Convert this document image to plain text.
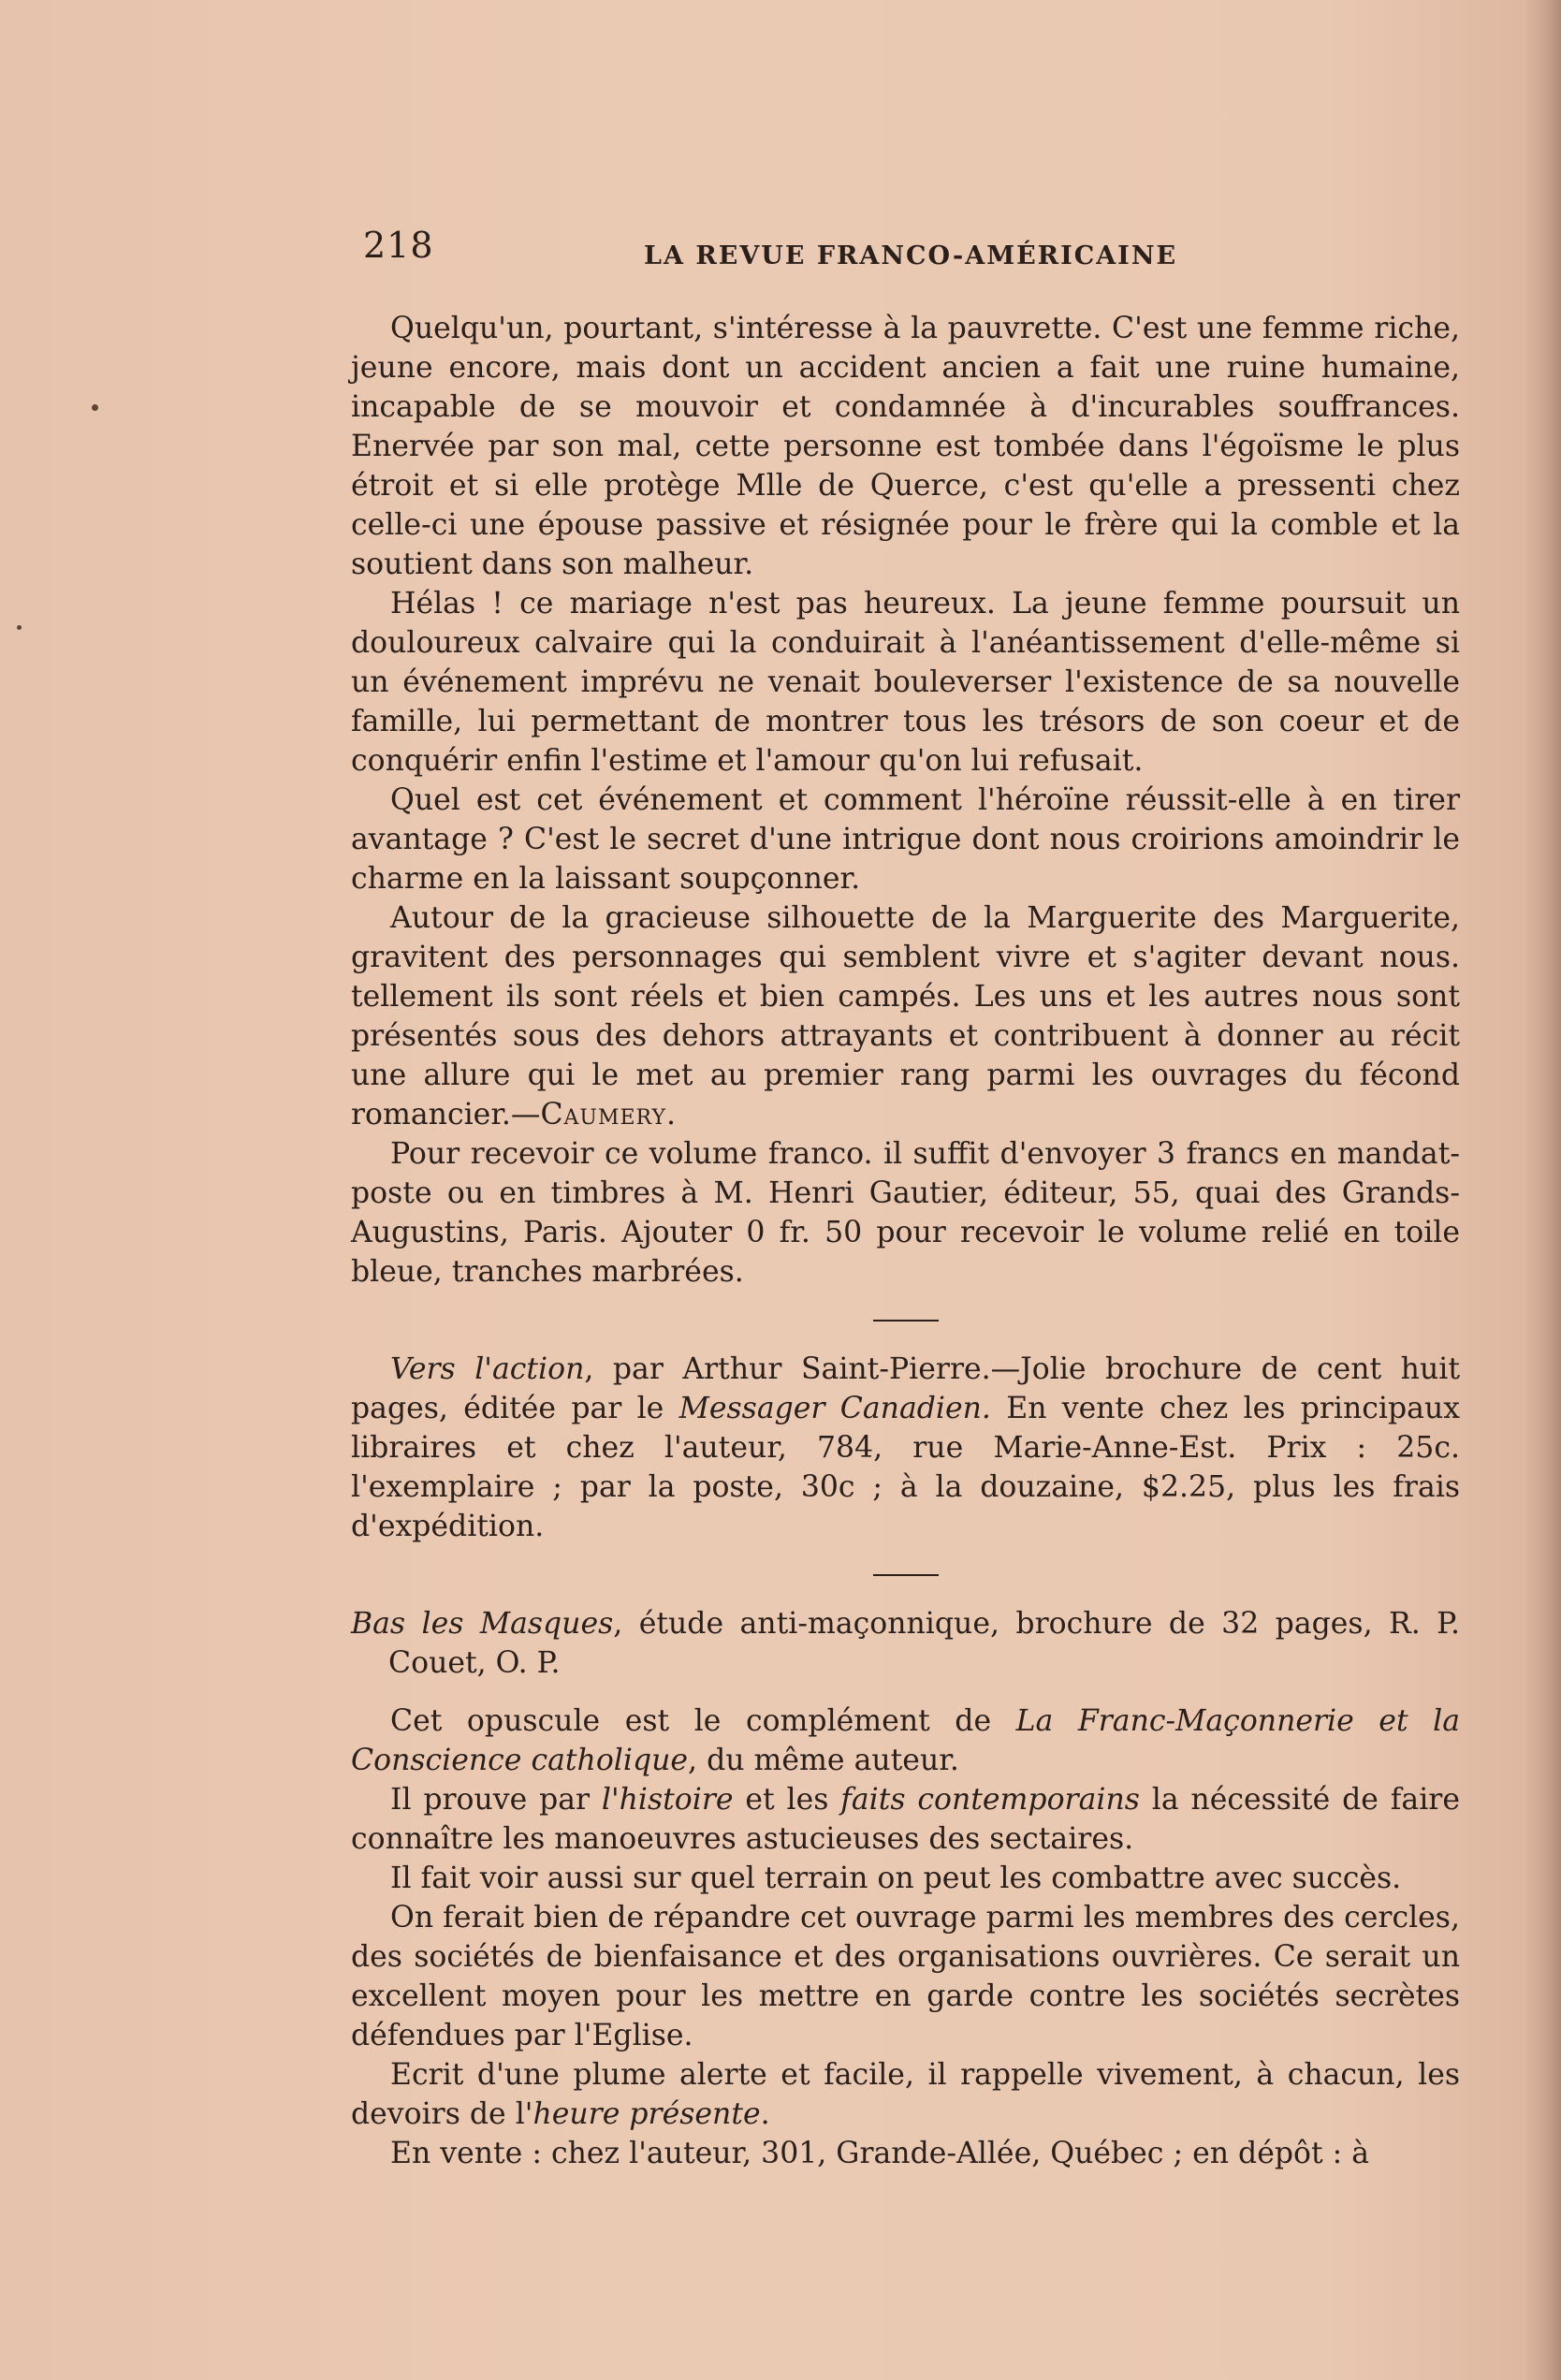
218	LA REVUE FRANCO-AMÉRICAINE

Quelqu'un, pourtant, s'intéresse à la pauvrette. C'est une femme riche, jeune encore, mais dont un accident ancien a fait une ruine humaine, incapable de se mouvoir et condamnée à d'incurables souffrances. Enervée par son mal, cette personne est tombée dans l'égoïsme le plus étroit et si elle protège Mlle de Querce, c'est qu'elle a pressenti chez celle-ci une épouse passive et résignée pour le frère qui la comble et la soutient dans son malheur.

Hélas ! ce mariage n'est pas heureux. La jeune femme poursuit un douloureux calvaire qui la conduirait à l'anéantissement d'elle-même si un événement imprévu ne venait bouleverser l'existence de sa nouvelle famille, lui permettant de montrer tous les trésors de son coeur et de conquérir enfin l'estime et l'amour qu'on lui refusait.

Quel est cet événement et comment l'héroïne réussit-elle à en tirer avantage ? C'est le secret d'une intrigue dont nous croirions amoindrir le charme en la laissant soupçonner.

Autour de la gracieuse silhouette de la Marguerite des Marguerite, gravitent des personnages qui semblent vivre et s'agiter devant nous. tellement ils sont réels et bien campés. Les uns et les autres nous sont présentés sous des dehors attrayants et contribuent à donner au récit une allure qui le met au premier rang parmi les ouvrages du fécond romancier.—Caumery.

Pour recevoir ce volume franco. il suffit d'envoyer 3 francs en mandat-poste ou en timbres à M. Henri Gautier, éditeur, 55, quai des Grands-Augustins, Paris. Ajouter 0 fr. 50 pour recevoir le volume relié en toile bleue, tranches marbrées.

Vers l'action, par Arthur Saint-Pierre.—Jolie brochure de cent huit pages, éditée par le Messager Canadien. En vente chez les principaux libraires et chez l'auteur, 784, rue Marie-Anne-Est. Prix : 25c. l'exemplaire ; par la poste, 30c ; à la douzaine, $2.25, plus les frais d'expédition.

Bas les Masques, étude anti-maçonnique, brochure de 32 pages, R. P. Couet, O. P.

Cet opuscule est le complément de La Franc-Maçonnerie et la Conscience catholique, du même auteur.

Il prouve par l'histoire et les faits contemporains la nécessité de faire connaître les manoeuvres astucieuses des sectaires.

Il fait voir aussi sur quel terrain on peut les combattre avec succès.

On ferait bien de répandre cet ouvrage parmi les membres des cercles, des sociétés de bienfaisance et des organisations ouvrières. Ce serait un excellent moyen pour les mettre en garde contre les sociétés secrètes défendues par l'Eglise.

Ecrit d'une plume alerte et facile, il rappelle vivement, à chacun, les devoirs de l'heure présente.

En vente : chez l'auteur, 301, Grande-Allée, Québec ; en dépôt : à
